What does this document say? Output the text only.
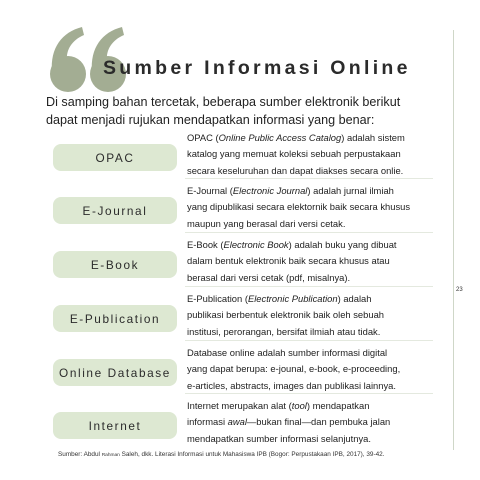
Sumber Informasi Online

Di samping bahan tercetak, beberapa sumber elektronik berikut
dapat menjadi rujukan mendapatkan informasi yang benar:

OPAC
OPAC (Online Public Access Catalog) adalah sistem
katalog yang memuat koleksi sebuah perpustakaan
secara keseluruhan dan dapat diakses secara onlie.
E-Journal
E-Journal (Electronic Journal) adalah jurnal ilmiah
yang dipublikasi secara elektornik baik secara khusus
maupun yang berasal dari versi cetak.
E-Book
E-Book (Electronic Book) adalah buku yang dibuat
dalam bentuk elektronik baik secara khusus atau
berasal dari versi cetak (pdf, misalnya).
E-Publication
E-Publication (Electronic Publication) adalah
publikasi berbentuk elektronik baik oleh sebuah
institusi, perorangan, bersifat ilmiah atau tidak.
Online Database
Database online adalah sumber informasi digital
yang dapat berupa: e-jounal, e-book, e-proceeding,
e-articles, abstracts, images dan publikasi lainnya.
Internet
Internet merupakan alat (tool) mendapatkan
informasi awal—bukan final—dan pembuka jalan
mendapatkan sumber informasi selanjutnya.
23
Sumber: Abdul Rahman Saleh, dkk. Literasi Informasi untuk Mahasiswa IPB (Bogor: Perpustakaan IPB, 2017), 39-42.
